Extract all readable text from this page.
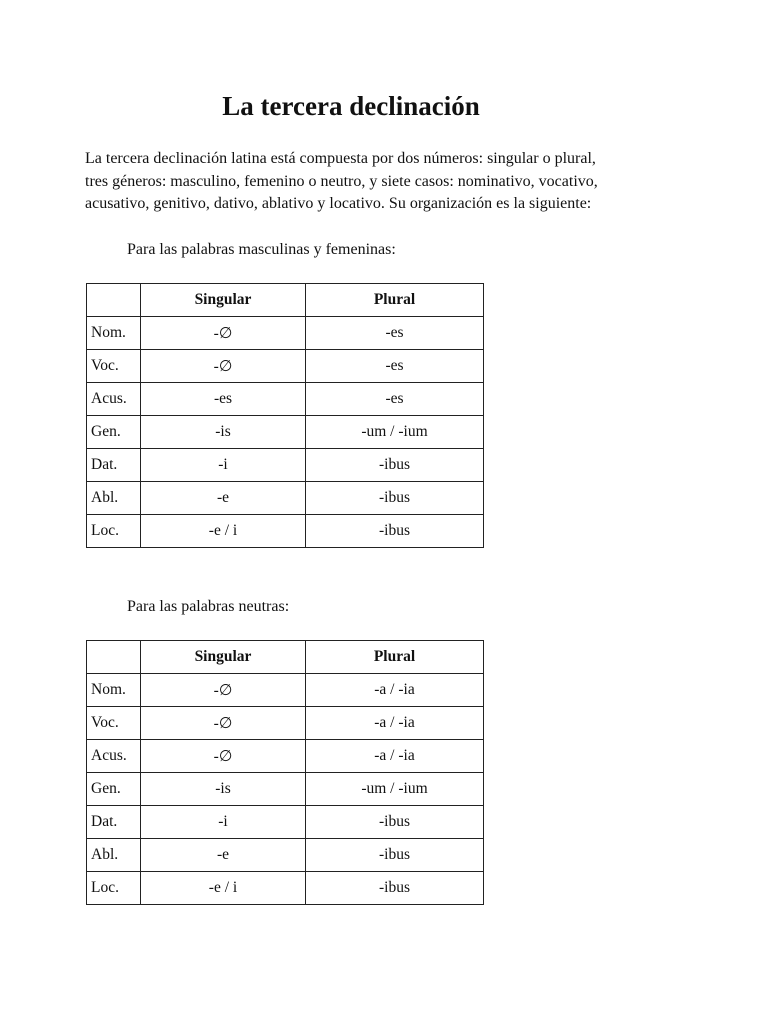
La tercera declinación

La tercera declinación latina está compuesta por dos números: singular o plural,
tres géneros: masculino, femenino o neutro, y siete casos: nominativo, vocativo,
acusativo, genitivo, dativo, ablativo y locativo. Su organización es la siguiente:

Para las palabras masculinas y femeninas:

	Singular	Plural
Nom.	-∅	-es
Voc.	-∅	-es
Acus.	-es	-es
Gen.	-is	-um / -ium
Dat.	-i	-ibus
Abl.	-e	-ibus
Loc.	-e / i	-ibus

Para las palabras neutras:

	Singular	Plural
Nom.	-∅	-a / -ia
Voc.	-∅	-a / -ia
Acus.	-∅	-a / -ia
Gen.	-is	-um / -ium
Dat.	-i	-ibus
Abl.	-e	-ibus
Loc.	-e / i	-ibus
